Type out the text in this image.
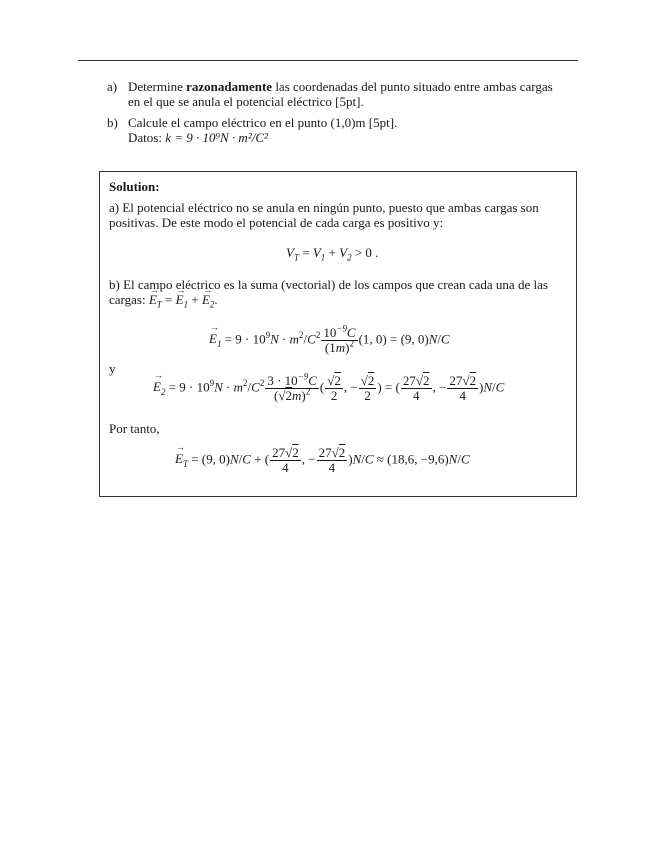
a) Determine razonadamente las coordenadas del punto situado entre ambas cargas
en el que se anula el potencial eléctrico [5pt].
b) Calcule el campo eléctrico en el punto (1,0)m [5pt].
Datos: k = 9 · 10⁹N · m²/C²
Solution:
a) El potencial eléctrico no se anula en ningún punto, puesto que ambas cargas son
positivas. De este modo el potencial de cada carga es positivo y:
$V_T = V_1 + V_2 > 0$ .
b) El campo eléctrico es la suma (vectorial) de los campos que crean cada una de las
cargas: → $E_T$ = → $E_1$ + → $E_2$.
→ $E_1 = 9 \cdot 10^9N \cdot m^2/C^2 \frac{10^{-9}C}{(1m)^2} (1$, 0) = (9, 0)N/C
y
→ $E_2 = 9 \cdot 10^9N \cdot m^2/C^2 \frac{3 \cdot 10^{-9}C}{(√2m)^2}$ ( $\frac{√2}{2}$ , − $\frac{√2}{2}$ ) = ( $\frac{27√2}{4}$ , − $\frac{27√2}{4} )N/C$
Por tanto,
→ $E_T = (9$, 0)N/C + ( $\frac{27√2}{4}$ , − $\frac{27√2}{4} )N/C \approx (18,6$, −9,6)N/C
